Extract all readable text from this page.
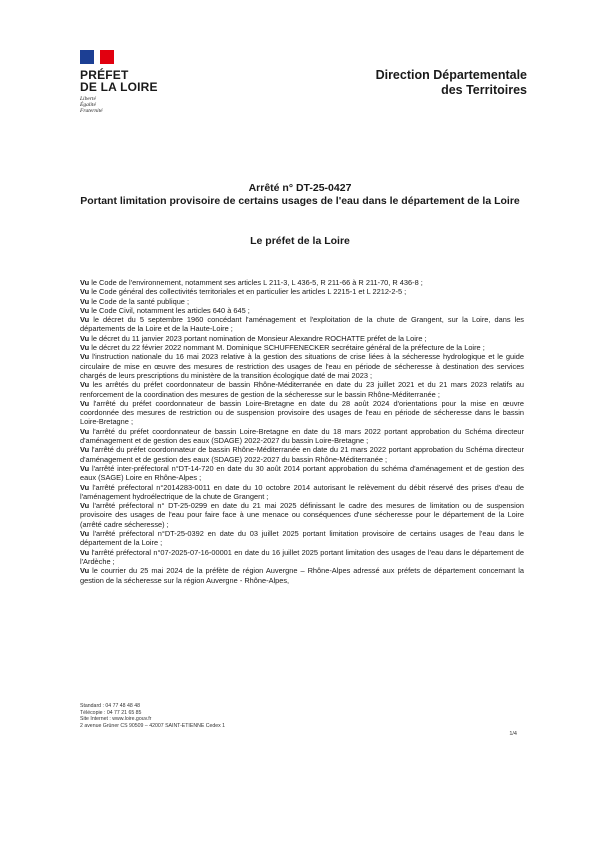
PRÉFET
DE LA LOIRE
Liberté
Égalité
Fraternité
Direction Départementale
des Territoires
Arrêté n° DT-25-0427
Portant limitation provisoire de certains usages de l'eau dans le département de la Loire
Le préfet de la Loire

Vu le Code de l'environnement, notamment ses articles L 211-3, L 436-5, R 211-66 à R 211-70, R 436-8 ;

Vu le Code général des collectivités territoriales et en particulier les articles L 2215-1 et L 2212-2-5 ;

Vu le Code de la santé publique ;

Vu le Code Civil, notamment les articles 640 à 645 ;

Vu le décret du 5 septembre 1960 concédant l'aménagement et l'exploitation de la chute de Grangent, sur la Loire, dans les départements de la Loire et de la Haute-Loire ;

Vu le décret du 11 janvier 2023 portant nomination de Monsieur Alexandre ROCHATTE préfet de la Loire ;

Vu le décret du 22 février 2022 nommant M. Dominique SCHUFFENECKER secrétaire général de la préfecture de la Loire ;

Vu l'instruction nationale du 16 mai 2023 relative à la gestion des situations de crise liées à la sécheresse hydrologique et le guide circulaire de mise en œuvre des mesures de restriction des usages de l'eau en période de sécheresse à destination des services chargés de leurs prescriptions du ministère de la transition écologique daté de mai 2023 ;

Vu les arrêtés du préfet coordonnateur de bassin Rhône-Méditerranée en date du 23 juillet 2021 et du 21 mars 2023 relatifs au renforcement de la coordination des mesures de gestion de la sécheresse sur le bassin Rhône-Méditerranée ;

Vu l'arrêté du préfet coordonnateur de bassin Loire-Bretagne en date du 28 août 2024 d'orientations pour la mise en œuvre coordonnée des mesures de restriction ou de suspension provisoire des usages de l'eau en période de sécheresse dans le bassin Loire-Bretagne ;

Vu l'arrêté du préfet coordonnateur de bassin Loire-Bretagne en date du 18 mars 2022 portant approbation du Schéma directeur d'aménagement et de gestion des eaux (SDAGE) 2022-2027 du bassin Loire-Bretagne ;

Vu l'arrêté du préfet coordonnateur de bassin Rhône-Méditerranée en date du 21 mars 2022 portant approbation du Schéma directeur d'aménagement et de gestion des eaux (SDAGE) 2022-2027 du bassin Rhône-Méditerranée ;

Vu l'arrêté inter-préfectoral n°DT-14-720 en date du 30 août 2014 portant approbation du schéma d'aménagement et de gestion des eaux (SAGE) Loire en Rhône-Alpes ;

Vu l'arrêté préfectoral n°2014283-0011 en date du 10 octobre 2014 autorisant le relèvement du débit réservé des prises d'eau de l'aménagement hydroélectrique de la chute de Grangent ;

Vu l'arrêté préfectoral n° DT-25-0299 en date du 21 mai 2025 définissant le cadre des mesures de limitation ou de suspension provisoire des usages de l'eau pour faire face à une menace ou conséquences d'une sécheresse pour le département de la Loire (arrêté cadre sécheresse) ;

Vu l'arrêté préfectoral n°DT-25-0392 en date du 03 juillet 2025 portant limitation provisoire de certains usages de l'eau dans le département de la Loire ;

Vu l'arrêté préfectoral n°07-2025-07-16-00001 en date du 16 juillet 2025 portant limitation des usages de l'eau dans le département de l'Ardèche ;

Vu le courrier du 25 mai 2024 de la préfète de région Auvergne – Rhône-Alpes adressé aux préfets de département concernant la gestion de la sécheresse sur la région Auvergne - Rhône-Alpes,

Standard : 04 77 48 48 48
Télécopie : 04 77 21 65 85
Site Internet : www.loire.gouv.fr
2 avenue Grüner CS 90509 – 42007 SAINT-ETIENNE Cedex 1
1/4
